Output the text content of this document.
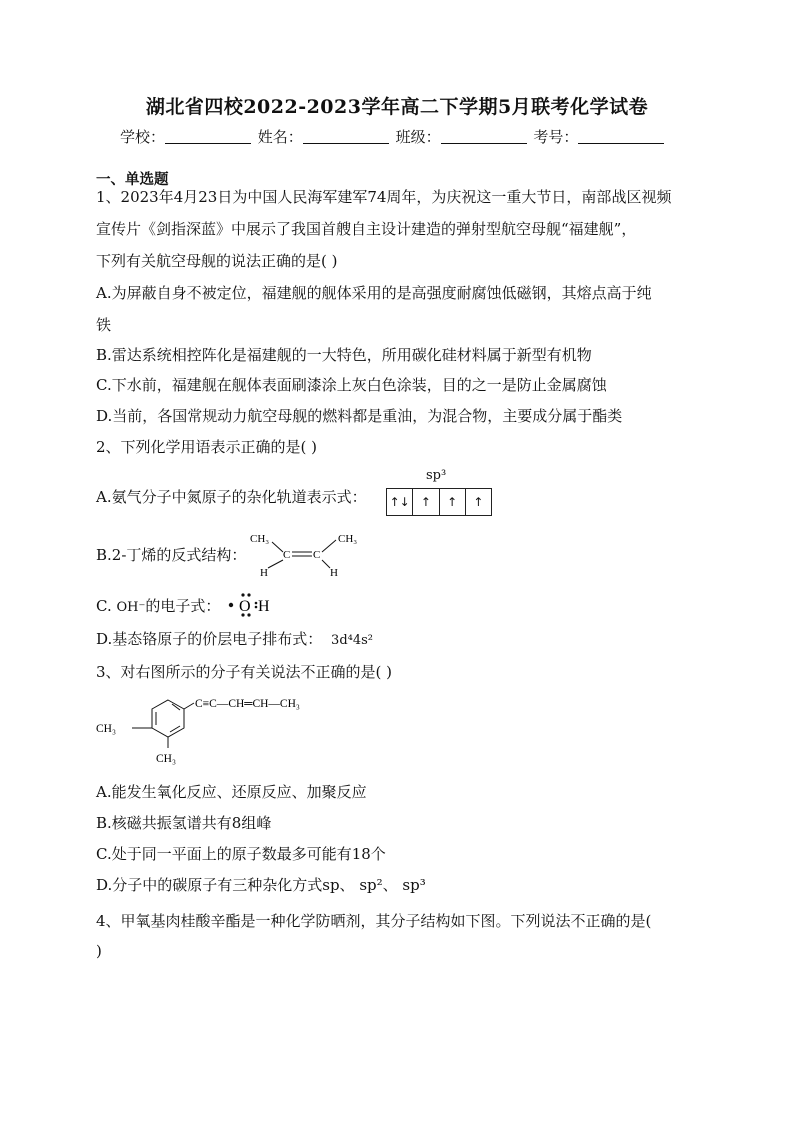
湖北省四校2022-2023学年高二下学期5月联考化学试卷
学校：	姓名：	班级：	考号：
一、单选题
1、2023年4月23日为中国人民海军建军74周年，为庆祝这一重大节日，南部战区视频
宣传片《剑指深蓝》中展示了我国首艘自主设计建造的弹射型航空母舰“福建舰”，
下列有关航空母舰的说法正确的是( )
A.为屏蔽自身不被定位，福建舰的舰体采用的是高强度耐腐蚀低磁钢，其熔点高于纯
铁
B.雷达系统相控阵化是福建舰的一大特色，所用碳化硅材料属于新型有机物
C.下水前，福建舰在舰体表面刷漆涂上灰白色涂装，目的之一是防止金属腐蚀
D.当前，各国常规动力航空母舰的燃料都是重油，为混合物，主要成分属于酯类
2、下列化学用语表示正确的是( )
sp³
A.氨气分子中氮原子的杂化轨道表示式： ↑↓ ↑	↑	↑
B.2-丁烯的反式结构：
CH₃	CH₃
C C
H	H
C. OH⁻的电子式： O H
D.基态铬原子的价层电子排布式： 3d⁴4s²
3、对右图所示的分子有关说法不正确的是( )
C≡C—CH═CH—CH₃
CH₃
CH₃
A.能发生氧化反应、还原反应、加聚反应
B.核磁共振氢谱共有8组峰
C.处于同一平面上的原子数最多可能有18个
D.分子中的碳原子有三种杂化方式sp、 sp²、 sp³
4、甲氧基肉桂酸辛酯是一种化学防晒剂，其分子结构如下图。下列说法不正确的是(
)
